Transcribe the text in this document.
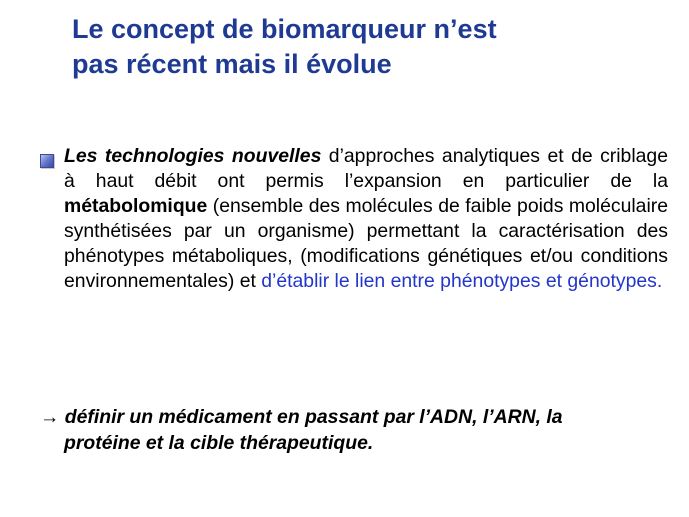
Le concept de biomarqueur n’est
pas récent mais il évolue
Les technologies nouvelles d’approches analytiques et de criblage à haut débit ont permis l’expansion en particulier de la métabolomique (ensemble des molécules de faible poids moléculaire synthétisées par un organisme) permettant la caractérisation des phénotypes métaboliques, (modifications génétiques et/ou conditions environnementales) et d’établir le lien entre phénotypes et génotypes.
→ définir un médicament en passant par l’ADN, l’ARN, la
protéine et la cible thérapeutique.
